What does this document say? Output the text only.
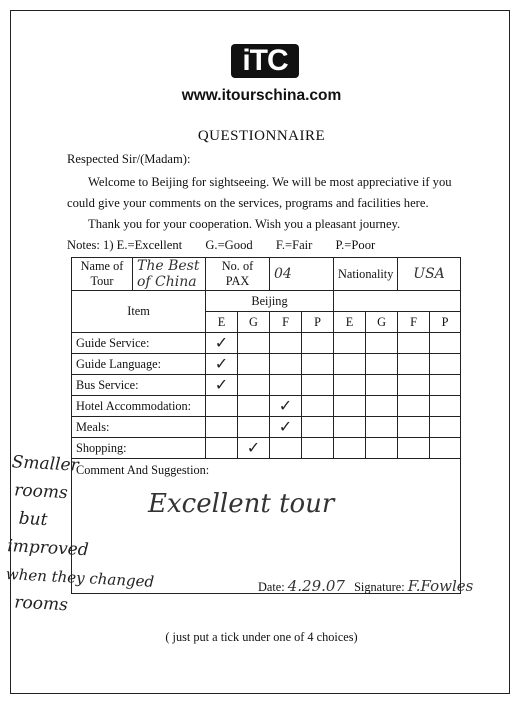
iTC
www.itourschina.com
QUESTIONNAIRE
Respected Sir/(Madam):
Welcome to Beijing for sightseeing. We will be most appreciative if you
could give your comments on the services, programs and facilities here.
Thank you for your cooperation. Wish you a pleasant journey.
Notes: 1) E.=Excellent G.=Good F.=Fair P.=Poor
Name of Tour	The Best of China	No. of PAX		04		Nationality		USA	
Item		Beijing							
		E	G	F	P	E	G	F	P
Guide Service:		✓							
Guide Language:		✓							
Bus Service:		✓							
Hotel Accommodation:				✓					
Meals:				✓					
Shopping:			✓						
Comment And Suggestion:
Excellent tour
Date: 4.29.07 Signature: F.Fowles									
Smaller
rooms
but
improved
when they changed
rooms
( just put a tick under one of 4 choices)
